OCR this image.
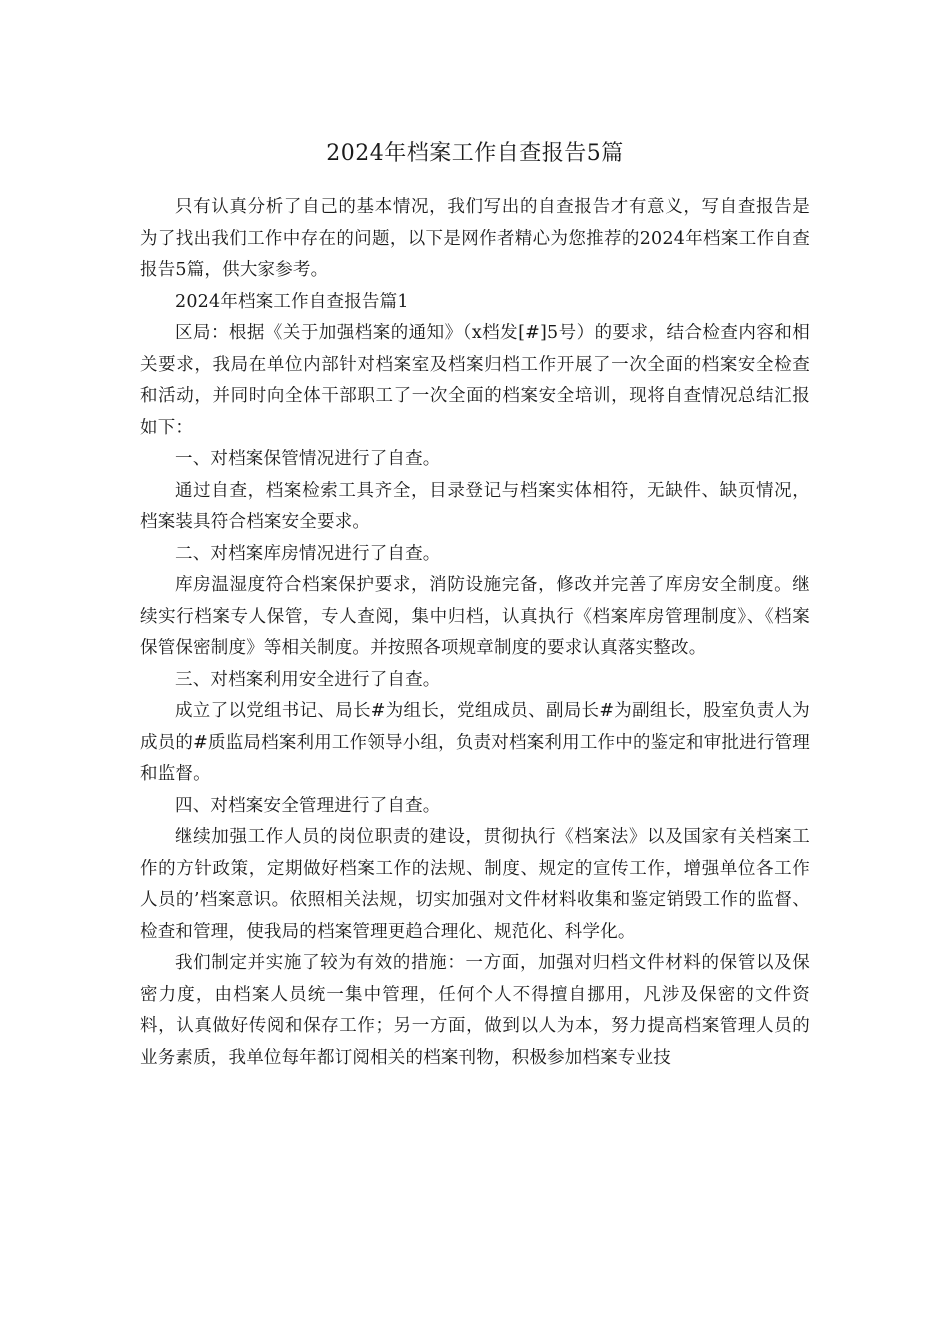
2024年档案工作自查报告5篇

只有认真分析了自己的基本情况，我们写出的自查报告才有意义，写自查报告是为了找出我们工作中存在的问题，以下是网作者精心为您推荐的2024年档案工作自查报告5篇，供大家参考。

2024年档案工作自查报告篇1

区局：根据《关于加强档案的通知》（x档发[#]5号）的要求，结合检查内容和相关要求，我局在单位内部针对档案室及档案归档工作开展了一次全面的档案安全检查和活动，并同时向全体干部职工了一次全面的档案安全培训，现将自查情况总结汇报如下：

一、对档案保管情况进行了自查。

通过自查，档案检索工具齐全，目录登记与档案实体相符，无缺件、缺页情况，档案装具符合档案安全要求。

二、对档案库房情况进行了自查。

库房温湿度符合档案保护要求，消防设施完备，修改并完善了库房安全制度。继续实行档案专人保管，专人查阅，集中归档，认真执行《档案库房管理制度》、《档案保管保密制度》等相关制度。并按照各项规章制度的要求认真落实整改。

三、对档案利用安全进行了自查。

成立了以党组书记、局长#为组长，党组成员、副局长#为副组长，股室负责人为成员的#质监局档案利用工作领导小组，负责对档案利用工作中的鉴定和审批进行管理和监督。

四、对档案安全管理进行了自查。

继续加强工作人员的岗位职责的建设，贯彻执行《档案法》以及国家有关档案工作的方针政策，定期做好档案工作的法规、制度、规定的宣传工作，增强单位各工作人员的’档案意识。依照相关法规，切实加强对文件材料收集和鉴定销毁工作的监督、检查和管理，使我局的档案管理更趋合理化、规范化、科学化。

我们制定并实施了较为有效的措施：一方面，加强对归档文件材料的保管以及保密力度，由档案人员统一集中管理，任何个人不得擅自挪用，凡涉及保密的文件资料，认真做好传阅和保存工作；另一方面，做到以人为本，努力提高档案管理人员的业务素质，我单位每年都订阅相关的档案刊物，积极参加档案专业技
